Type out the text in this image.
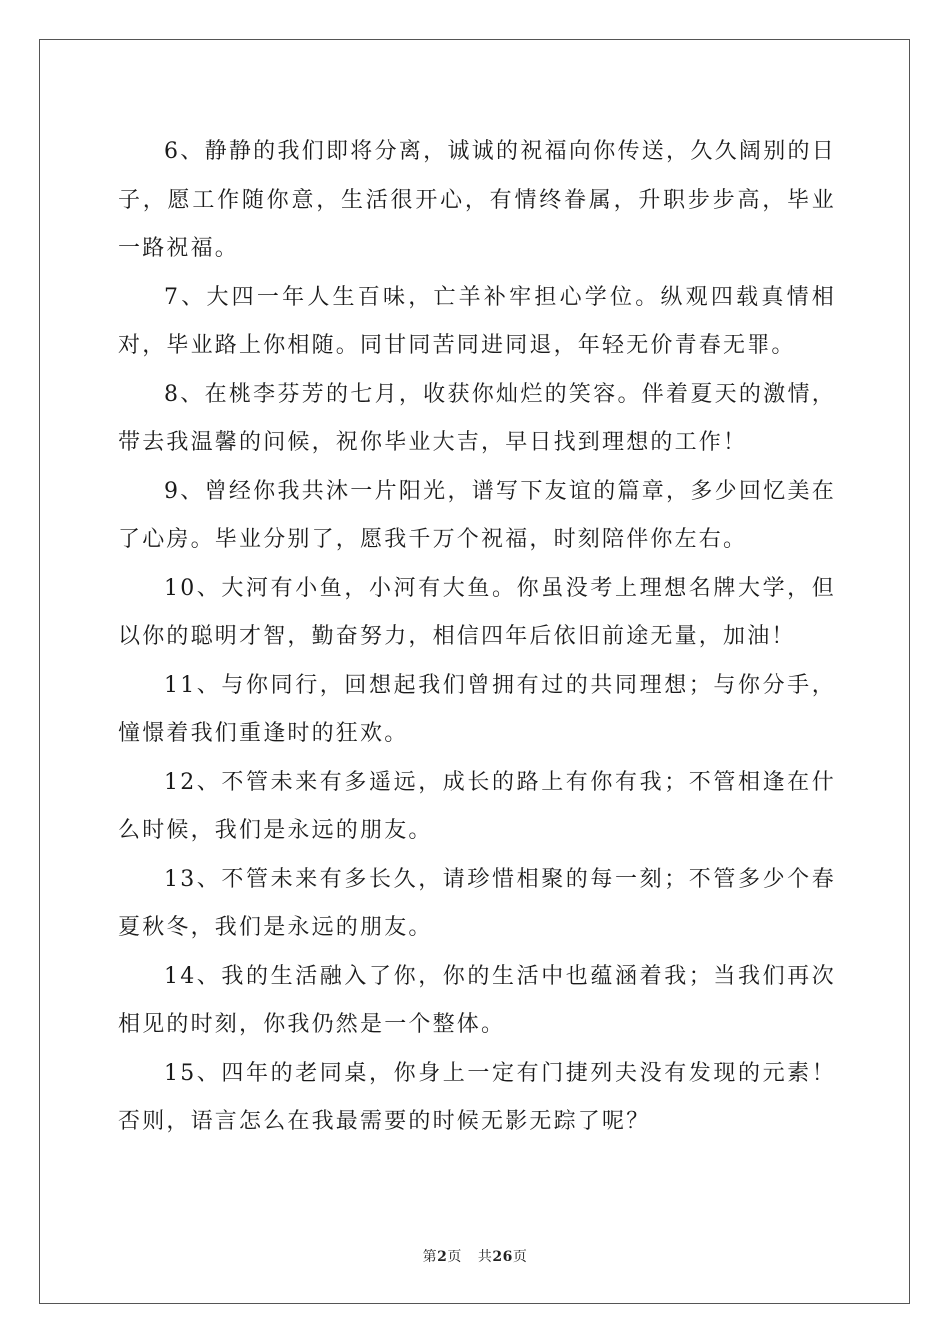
6、静静的我们即将分离，诚诚的祝福向你传送，久久阔别的日子，愿工作随你意，生活很开心，有情终眷属，升职步步高，毕业一路祝福。

7、大四一年人生百味，亡羊补牢担心学位。纵观四载真情相对，毕业路上你相随。同甘同苦同进同退，年轻无价青春无罪。

8、在桃李芬芳的七月，收获你灿烂的笑容。伴着夏天的激情，带去我温馨的问候，祝你毕业大吉，早日找到理想的工作！

9、曾经你我共沐一片阳光，谱写下友谊的篇章，多少回忆美在了心房。毕业分别了，愿我千万个祝福，时刻陪伴你左右。

10、大河有小鱼，小河有大鱼。你虽没考上理想名牌大学，但以你的聪明才智，勤奋努力，相信四年后依旧前途无量，加油！

11、与你同行，回想起我们曾拥有过的共同理想；与你分手，憧憬着我们重逢时的狂欢。

12、不管未来有多遥远，成长的路上有你有我；不管相逢在什么时候，我们是永远的朋友。

13、不管未来有多长久，请珍惜相聚的每一刻；不管多少个春夏秋冬，我们是永远的朋友。

14、我的生活融入了你，你的生活中也蕴涵着我；当我们再次相见的时刻，你我仍然是一个整体。

15、四年的老同桌，你身上一定有门捷列夫没有发现的元素！否则，语言怎么在我最需要的时候无影无踪了呢？

第2页 共26页
